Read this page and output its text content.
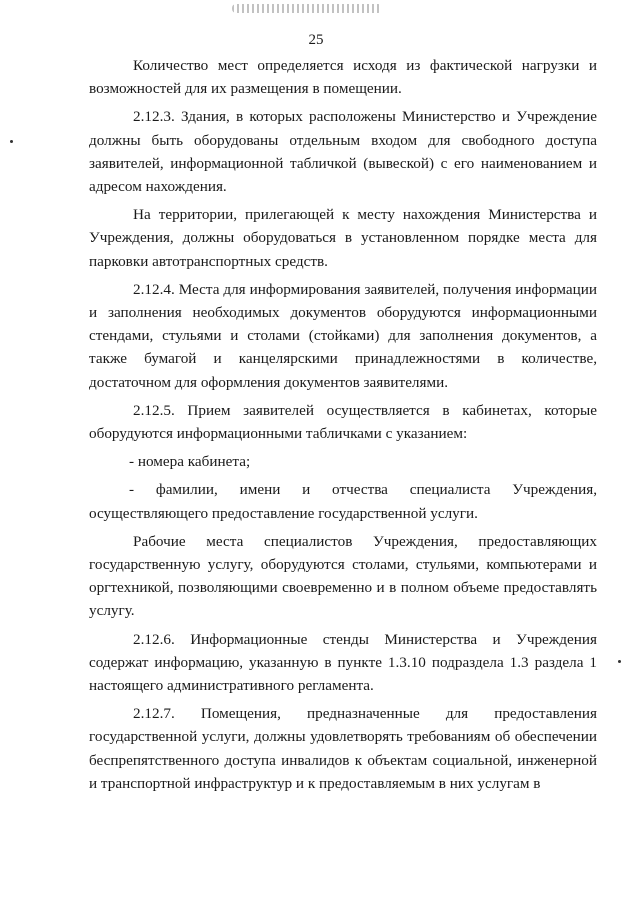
25

Количество мест определяется исходя из фактической нагрузки и возможностей для их размещения в помещении.

2.12.3. Здания, в которых расположены Министерство и Учреждение должны быть оборудованы отдельным входом для свободного доступа заявителей, информационной табличкой (вывеской) с его наименованием и адресом нахождения.

На территории, прилегающей к месту нахождения Министерства и Учреждения, должны оборудоваться в установленном порядке места для парковки автотранспортных средств.

2.12.4. Места для информирования заявителей, получения информации и заполнения необходимых документов оборудуются информационными стендами, стульями и столами (стойками) для заполнения документов, а также бумагой и канцелярскими принадлежностями в количестве, достаточном для оформления документов заявителями.

2.12.5. Прием заявителей осуществляется в кабинетах, которые оборудуются информационными табличками с указанием:

- номера кабинета;

- фамилии, имени и отчества специалиста Учреждения, осуществляющего предоставление государственной услуги.

Рабочие места специалистов Учреждения, предоставляющих государственную услугу, оборудуются столами, стульями, компьютерами и оргтехникой, позволяющими своевременно и в полном объеме предоставлять услугу.

2.12.6. Информационные стенды Министерства и Учреждения содержат информацию, указанную в пункте 1.3.10 подраздела 1.3 раздела 1 настоящего административного регламента.

2.12.7. Помещения, предназначенные для предоставления государственной услуги, должны удовлетворять требованиям об обеспечении беспрепятственного доступа инвалидов к объектам социальной, инженерной и транспортной инфраструктур и к предоставляемым в них услугам в
